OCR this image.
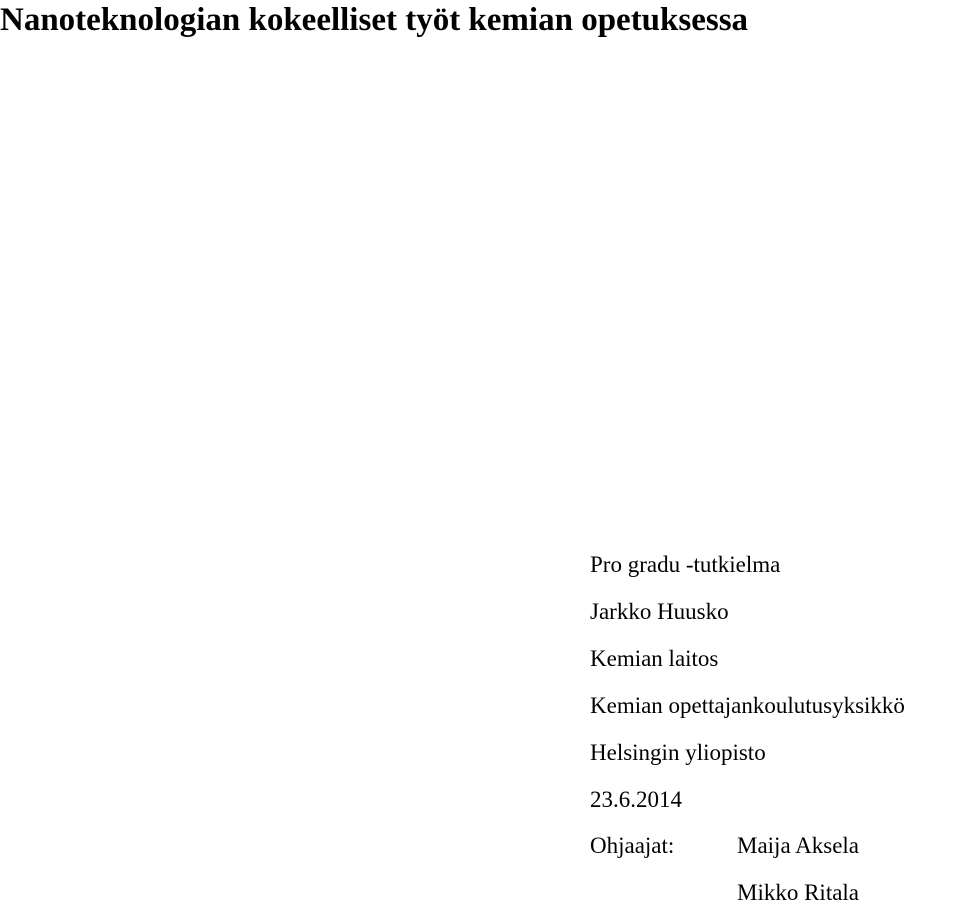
Nanoteknologian kokeelliset työt kemian opetuksessa
Pro gradu -tutkielma
Jarkko Huusko
Kemian laitos
Kemian opettajankoulutusyksikkö
Helsingin yliopisto
23.6.2014
Ohjaajat:	Maija Aksela
Mikko Ritala
